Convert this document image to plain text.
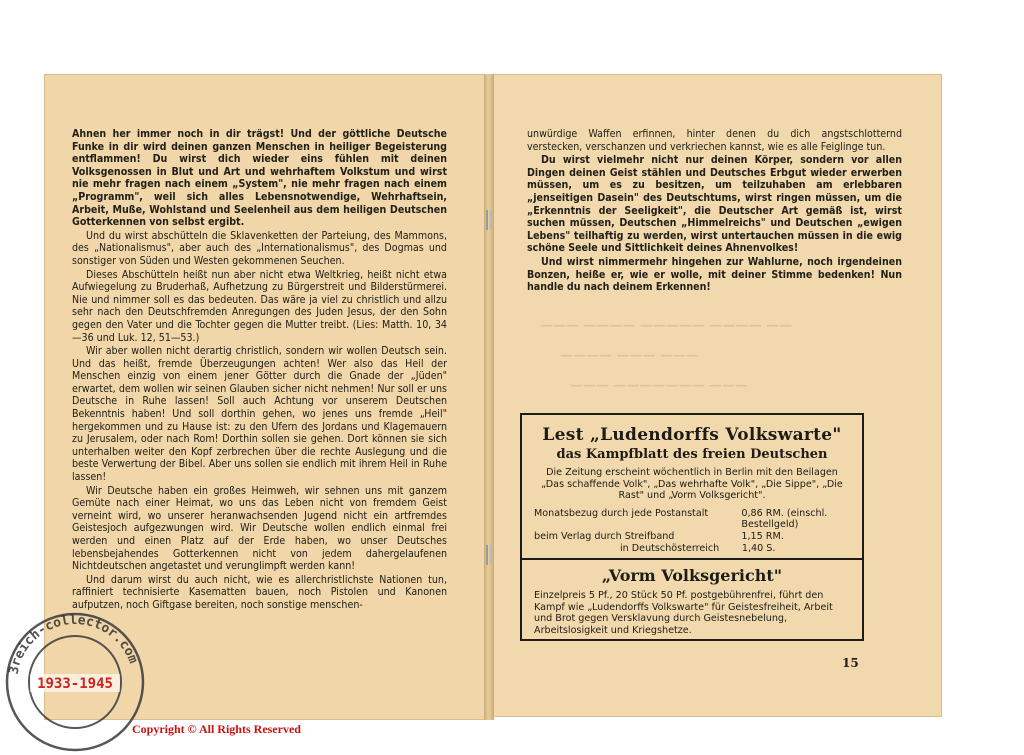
——— ———— ————— ———— ——
———— ——— ———
——— ——————— ———

Ahnen her immer noch in dir trägst! Und der göttliche Deutsche Funke in dir wird deinen ganzen Menschen in heiliger Begeisterung entflammen! Du wirst dich wieder eins fühlen mit deinen Volksgenossen in Blut und Art und wehrhaftem Volkstum und wirst nie mehr fragen nach einem „System", nie mehr fragen nach einem „Programm", weil sich alles Lebensnotwendige, Wehrhaftsein, Arbeit, Muße, Wohlstand und Seelenheil aus dem heiligen Deutschen Gotterkennen von selbst ergibt.

Und du wirst abschütteln die Sklavenketten der Parteiung, des Mammons, des „Nationalismus", aber auch des „Internationalismus", des Dogmas und sonstiger von Süden und Westen gekommenen Seuchen.

Dieses Abschütteln heißt nun aber nicht etwa Weltkrieg, heißt nicht etwa Aufwiegelung zu Bruderhaß, Aufhetzung zu Bürgerstreit und Bilderstürmerei. Nie und nimmer soll es das bedeuten. Das wäre ja viel zu christlich und allzu sehr nach den Deutschfremden Anregungen des Juden Jesus, der den Sohn gegen den Vater und die Tochter gegen die Mutter treibt. (Lies: Matth. 10, 34—36 und Luk. 12, 51—53.)

Wir aber wollen nicht derartig christlich, sondern wir wollen Deutsch sein. Und das heißt, fremde Überzeugungen achten! Wer also das Heil der Menschen einzig von einem jener Götter durch die Gnade der „Jüden" erwartet, dem wollen wir seinen Glauben sicher nicht nehmen! Nur soll er uns Deutsche in Ruhe lassen! Soll auch Achtung vor unserem Deutschen Bekenntnis haben! Und soll dorthin gehen, wo jenes uns fremde „Heil" hergekommen und zu Hause ist: zu den Ufern des Jordans und Klagemauern zu Jerusalem, oder nach Rom! Dorthin sollen sie gehen. Dort können sie sich unterhalben weiter den Kopf zerbrechen über die rechte Auslegung und die beste Verwertung der Bibel. Aber uns sollen sie endlich mit ihrem Heil in Ruhe lassen!

Wir Deutsche haben ein großes Heimweh, wir sehnen uns mit ganzem Gemüte nach einer Heimat, wo uns das Leben nicht von fremdem Geist verneint wird, wo unserer heranwachsenden Jugend nicht ein artfremdes Geistesjoch aufgezwungen wird. Wir Deutsche wollen endlich einmal frei werden und einen Platz auf der Erde haben, wo unser Deutsches lebensbejahendes Gotterkennen nicht von jedem dahergelaufenen Nichtdeutschen angetastet und verunglimpft werden kann!

Und darum wirst du auch nicht, wie es allerchristlichste Nationen tun, raffiniert technisierte Kasematten bauen, noch Pistolen und Kanonen aufputzen, noch Giftgase bereiten, noch sonstige menschen-

unwürdige Waffen erfinnen, hinter denen du dich angstschlotternd verstecken, verschanzen und verkriechen kannst, wie es alle Feiglinge tun.

Du wirst vielmehr nicht nur deinen Körper, sondern vor allen Dingen deinen Geist stählen und Deutsches Erbgut wieder erwerben müssen, um es zu besitzen, um teilzuhaben am erlebbaren „jenseitigen Dasein" des Deutschtums, wirst ringen müssen, um die „Erkenntnis der Seeligkeit", die Deutscher Art gemäß ist, wirst suchen müssen, Deutschen „Himmelreichs" und Deutschen „ewigen Lebens" teilhaftig zu werden, wirst untertauchen müssen in die ewig schöne Seele und Sittlichkeit deines Ahnenvolkes!

Und wirst nimmermehr hingehen zur Wahlurne, noch irgendeinen Bonzen, heiße er, wie er wolle, mit deiner Stimme bedenken! Nun handle du nach deinem Erkennen!

Lest „Ludendorffs Volkswarte"
das Kampfblatt des freien Deutschen

Die Zeitung erscheint wöchentlich in Berlin mit den Beilagen „Das schaffende Volk", „Das wehrhafte Volk", „Die Sippe", „Die Rast" und „Vorm Volksgericht".

Monatsbezug durch jede Postanstalt	0,86 RM. (einschl. Bestellgeld)
beim Verlag durch Streifband	1,15 RM.
in Deutschösterreich	1,40 S.
„Vorm Volksgericht"

Einzelpreis 5 Pf., 20 Stück 50 Pf. postgebührenfrei, führt den Kampf wie „Ludendorffs Volkswarte" für Geistesfreiheit, Arbeit und Brot gegen Versklavung durch Geistesnebelung, Arbeitslosigkeit und Kriegshetze.

15
3reich-collector.com
1933-1945
Copyright © All Rights Reserved
